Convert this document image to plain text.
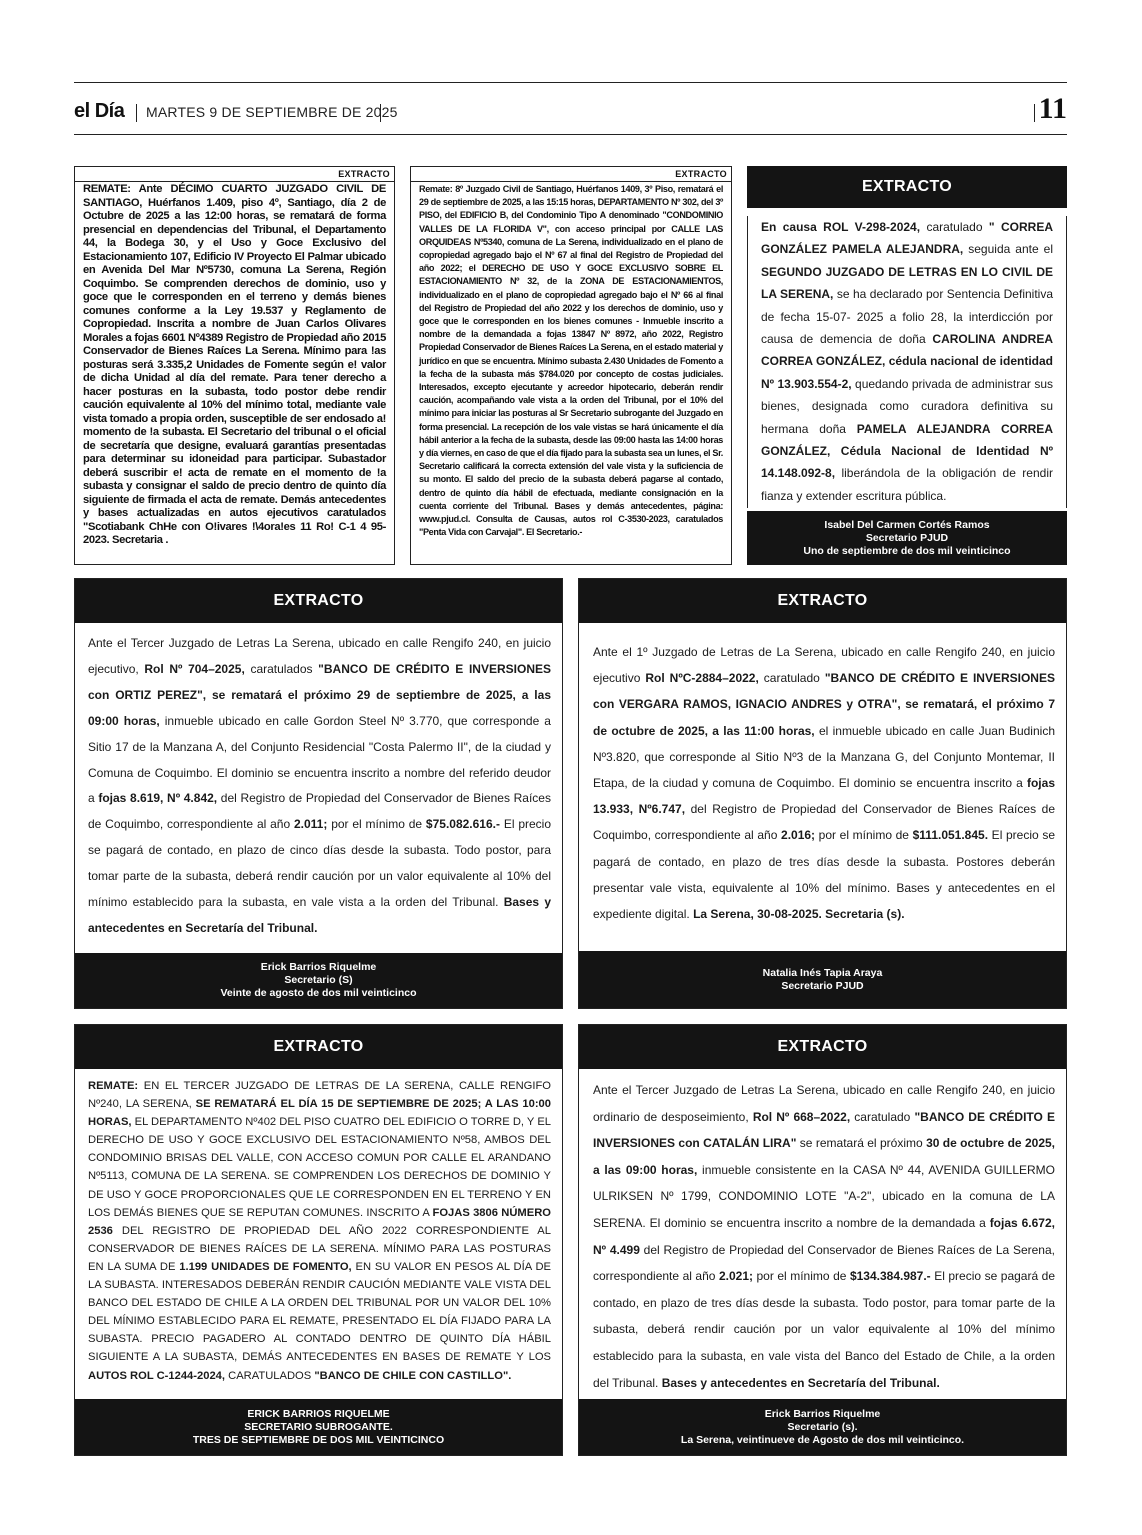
el Día MARTES 9 DE SEPTIEMBRE DE 2025	11
EXTRACTO
REMATE: Ante DÉCIMO CUARTO JUZGADO CIVIL DE SANTIAGO, Huérfanos 1.409, piso 4º, Santiago, día 2 de Octubre de 2025 a las 12:00 horas, se rematará de forma presencial en dependencias del Tribunal, el Departamento 44, la Bodega 30, y el Uso y Goce Exclusivo del Estacionamiento 107, Edificio IV Proyecto El Palmar ubicado en Avenida Del Mar Nº5730, comuna La Serena, Región Coquimbo. Se comprenden derechos de dominio, uso y goce que le corresponden en el terreno y demás bienes comunes conforme a la Ley 19.537 y Reglamento de Copropiedad. Inscrita a nombre de Juan Carlos Olivares Morales a fojas 6601 Nº4389 Registro de Propiedad año 2015 Conservador de Bienes Raíces La Serena. Mínimo para !as posturas será 3.335,2 Unidades de Fomente según e! valor de dicha Unidad al día del remate. Para tener derecho a hacer posturas en la subasta, todo postor debe rendir caución equivalente al 10% del mínimo total, mediante vale vista tomado a propia orden, susceptible de ser endosado a! momento de !a subasta. El Secretario del tribunal o el oficial de secretaría que designe, evaluará garantías presentadas para determinar su idoneidad para participar. Subastador deberá suscribir e! acta de remate en el momento de !a subasta y consignar el saldo de precio dentro de quinto día siguiente de firmada el acta de remate. Demás antecedentes y bases actualizadas en autos ejecutivos caratulados "Scotiabank ChHe con O!ivares !\4ora!es 11 Ro! C-1 4 95-2023. Secretaria .
EXTRACTO
Remate: 8º Juzgado Civil de Santiago, Huérfanos 1409, 3º Piso, rematará el 29 de septiembre de 2025, a las 15:15 horas, DEPARTAMENTO Nº 302, del 3º PISO, del EDIFICIO B, del Condominio Tipo A denominado "CONDOMINIO VALLES DE LA FLORIDA V", con acceso principal por CALLE LAS ORQUIDEAS Nº5340, comuna de La Serena, individualizado en el plano de copropiedad agregado bajo el Nº 67 al final del Registro de Propiedad del año 2022; el DERECHO DE USO Y GOCE EXCLUSIVO SOBRE EL ESTACIONAMIENTO Nº 32, de la ZONA DE ESTACIONAMIENTOS, individualizado en el plano de copropiedad agregado bajo el Nº 66 al final del Registro de Propiedad del año 2022 y los derechos de dominio, uso y goce que le corresponden en los bienes comunes - Inmueble inscrito a nombre de la demandada a fojas 13847 Nº 8972, año 2022, Registro Propiedad Conservador de Bienes Raíces La Serena, en el estado material y jurídico en que se encuentra. Mínimo subasta 2.430 Unidades de Fomento a la fecha de la subasta más $784.020 por concepto de costas judiciales. Interesados, excepto ejecutante y acreedor hipotecario, deberán rendir caución, acompañando vale vista a la orden del Tribunal, por el 10% del mínimo para iniciar las posturas al Sr Secretario subrogante del Juzgado en forma presencial. La recepción de los vale vistas se hará únicamente el día hábil anterior a la fecha de la subasta, desde las 09:00 hasta las 14:00 horas y día viernes, en caso de que el día fijado para la subasta sea un lunes, el Sr. Secretario calificará la correcta extensión del vale vista y la suficiencia de su monto. El saldo del precio de la subasta deberá pagarse al contado, dentro de quinto día hábil de efectuada, mediante consignación en la cuenta corriente del Tribunal. Bases y demás antecedentes, página: www.pjud.cl. Consulta de Causas, autos rol C-3530-2023, caratulados "Penta Vida con Carvajal". El Secretario.-
EXTRACTO
En causa ROL V-298-2024, caratulado " CORREA GONZÁLEZ PAMELA ALEJANDRA, seguida ante el SEGUNDO JUZGADO DE LETRAS EN LO CIVIL DE LA SERENA, se ha declarado por Sentencia Definitiva de fecha 15-07- 2025 a folio 28, la interdicción por causa de demencia de doña CAROLINA ANDREA CORREA GONZÁLEZ, cédula nacional de identidad Nº 13.903.554-2, quedando privada de administrar sus bienes, designada como curadora definitiva su hermana doña PAMELA ALEJANDRA CORREA GONZÁLEZ, Cédula Nacional de Identidad Nº 14.148.092-8, liberándola de la obligación de rendir fianza y extender escritura pública.
Isabel Del Carmen Cortés Ramos
Secretario PJUD
Uno de septiembre de dos mil veinticinco
EXTRACTO
Ante el Tercer Juzgado de Letras La Serena, ubicado en calle Rengifo 240, en juicio ejecutivo, Rol Nº 704–2025, caratulados "BANCO DE CRÉDITO E INVERSIONES con ORTIZ PEREZ", se rematará el próximo 29 de septiembre de 2025, a las 09:00 horas, inmueble ubicado en calle Gordon Steel Nº 3.770, que corresponde a Sitio 17 de la Manzana A, del Conjunto Residencial "Costa Palermo II", de la ciudad y Comuna de Coquimbo. El dominio se encuentra inscrito a nombre del referido deudor a fojas 8.619, Nº 4.842, del Registro de Propiedad del Conservador de Bienes Raíces de Coquimbo, correspondiente al año 2.011; por el mínimo de $75.082.616.- El precio se pagará de contado, en plazo de cinco días desde la subasta. Todo postor, para tomar parte de la subasta, deberá rendir caución por un valor equivalente al 10% del mínimo establecido para la subasta, en vale vista a la orden del Tribunal. Bases y antecedentes en Secretaría del Tribunal.
Erick Barrios Riquelme
Secretario (S)
Veinte de agosto de dos mil veinticinco
EXTRACTO
Ante el 1º Juzgado de Letras de La Serena, ubicado en calle Rengifo 240, en juicio ejecutivo Rol NºC-2884–2022, caratulado "BANCO DE CRÉDITO E INVERSIONES con VERGARA RAMOS, IGNACIO ANDRES y OTRA", se rematará, el próximo 7 de octubre de 2025, a las 11:00 horas, el inmueble ubicado en calle Juan Budinich Nº3.820, que corresponde al Sitio Nº3 de la Manzana G, del Conjunto Montemar, II Etapa, de la ciudad y comuna de Coquimbo. El dominio se encuentra inscrito a fojas 13.933, Nº6.747, del Registro de Propiedad del Conservador de Bienes Raíces de Coquimbo, correspondiente al año 2.016; por el mínimo de $111.051.845. El precio se pagará de contado, en plazo de tres días desde la subasta. Postores deberán presentar vale vista, equivalente al 10% del mínimo. Bases y antecedentes en el expediente digital. La Serena, 30-08-2025. Secretaria (s).
Natalia Inés Tapia Araya
Secretario PJUD
EXTRACTO
REMATE: EN EL TERCER JUZGADO DE LETRAS DE LA SERENA, CALLE RENGIFO Nº240, LA SERENA, SE REMATARÁ EL DÍA 15 DE SEPTIEMBRE DE 2025; A LAS 10:00 HORAS, EL DEPARTAMENTO Nº402 DEL PISO CUATRO DEL EDIFICIO O TORRE D, Y EL DERECHO DE USO Y GOCE EXCLUSIVO DEL ESTACIONAMIENTO Nº58, AMBOS DEL CONDOMINIO BRISAS DEL VALLE, CON ACCESO COMUN POR CALLE EL ARANDANO Nº5113, COMUNA DE LA SERENA. SE COMPRENDEN LOS DERECHOS DE DOMINIO Y DE USO Y GOCE PROPORCIONALES QUE LE CORRESPONDEN EN EL TERRENO Y EN LOS DEMÁS BIENES QUE SE REPUTAN COMUNES. INSCRITO A FOJAS 3806 NÚMERO 2536 DEL REGISTRO DE PROPIEDAD DEL AÑO 2022 CORRESPONDIENTE AL CONSERVADOR DE BIENES RAÍCES DE LA SERENA. MÍNIMO PARA LAS POSTURAS EN LA SUMA DE 1.199 UNIDADES DE FOMENTO, EN SU VALOR EN PESOS AL DÍA DE LA SUBASTA. INTERESADOS DEBERÁN RENDIR CAUCIÓN MEDIANTE VALE VISTA DEL BANCO DEL ESTADO DE CHILE A LA ORDEN DEL TRIBUNAL POR UN VALOR DEL 10% DEL MÍNIMO ESTABLECIDO PARA EL REMATE, PRESENTADO EL DÍA FIJADO PARA LA SUBASTA. PRECIO PAGADERO AL CONTADO DENTRO DE QUINTO DÍA HÁBIL SIGUIENTE A LA SUBASTA, DEMÁS ANTECEDENTES EN BASES DE REMATE Y LOS AUTOS ROL C-1244-2024, CARATULADOS "BANCO DE CHILE CON CASTILLO".
ERICK BARRIOS RIQUELME
SECRETARIO SUBROGANTE.
TRES DE SEPTIEMBRE DE DOS MIL VEINTICINCO
EXTRACTO
Ante el Tercer Juzgado de Letras La Serena, ubicado en calle Rengifo 240, en juicio ordinario de desposeimiento, Rol Nº 668–2022, caratulado "BANCO DE CRÉDITO E INVERSIONES con CATALÁN LIRA" se rematará el próximo 30 de octubre de 2025, a las 09:00 horas, inmueble consistente en la CASA Nº 44, AVENIDA GUILLERMO ULRIKSEN Nº 1799, CONDOMINIO LOTE "A-2", ubicado en la comuna de LA SERENA. El dominio se encuentra inscrito a nombre de la demandada a fojas 6.672, Nº 4.499 del Registro de Propiedad del Conservador de Bienes Raíces de La Serena, correspondiente al año 2.021; por el mínimo de $134.384.987.- El precio se pagará de contado, en plazo de tres días desde la subasta. Todo postor, para tomar parte de la subasta, deberá rendir caución por un valor equivalente al 10% del mínimo establecido para la subasta, en vale vista del Banco del Estado de Chile, a la orden del Tribunal. Bases y antecedentes en Secretaría del Tribunal.
Erick Barrios Riquelme
Secretario (s).
La Serena, veintinueve de Agosto de dos mil veinticinco.
